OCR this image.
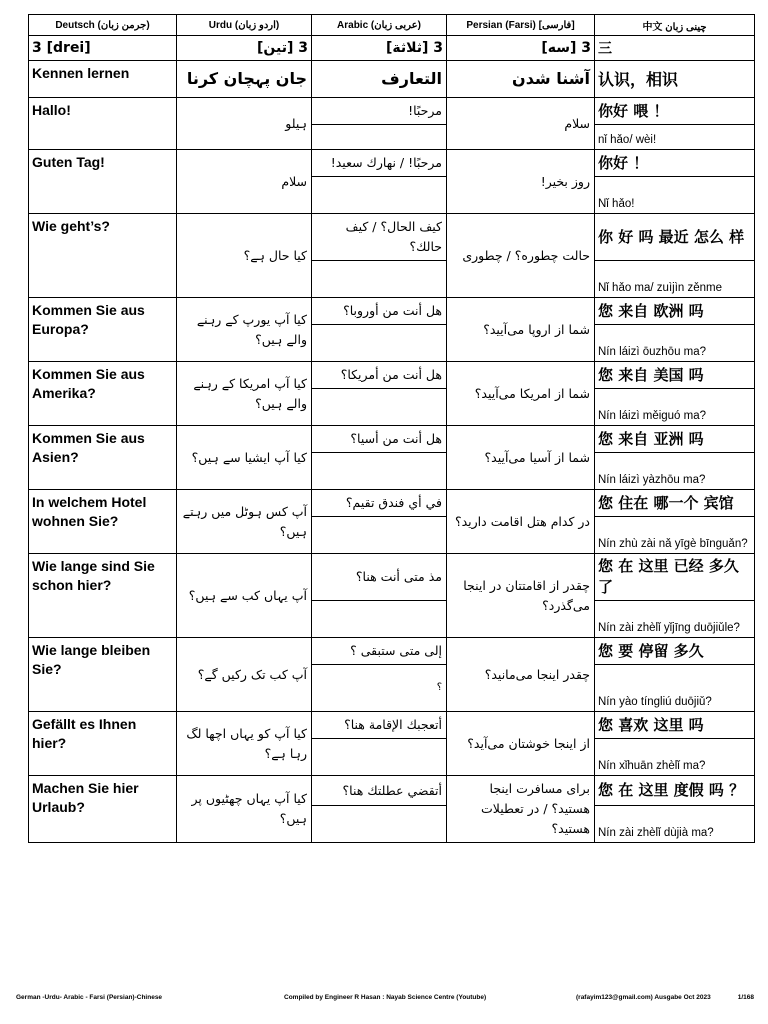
Deutsch (جرمن زبان)	Urdu (اردو زبان)	Arabic (عربی زبان)	Persian (Farsi) [فارسی]	中文 چینی زبان
3 [drei]	3 [تین]	3 [ثلاثة]	3 [سه]	三
Kennen lernen	جان پہچان کرنا	التعارف	آشنا شدن	认识，相识
Hallo!	ہیلو	مرحبًا!	سلام	你好 喂 ！
				nǐ hǎo/ wèi!
Guten Tag!	سلام	مرحبًا! / نهارك سعيد!	روز بخیر!	你好 ！
				Nǐ hǎo!
Wie geht’s?	کیا حال ہے؟	كيف الحال؟ / كيف حالك؟	حالت چطوره؟ / چطوری	你 好 吗 最近 怎么 样
				Nǐ hǎo ma/ zuìjìn zěnme
Kommen Sie aus Europa?	کیا آپ یورپ کے رہنے والے ہیں؟	هل أنت من أوروبا؟	شما از اروپا می‌آیید؟	您 来自 欧洲 吗
				Nín láizì ōuzhōu ma?
Kommen Sie aus Amerika?	کیا آپ امریکا کے رہنے والے ہیں؟	هل أنت من أمريكا؟	شما از امریکا می‌آیید؟	您 来自 美国 吗
				Nín láizì měiguó ma?
Kommen Sie aus Asien?	کیا آپ ایشیا سے ہیں؟	هل أنت من أسيا؟	شما از آسیا می‌آیید؟	您 来自 亚洲 吗
				Nín láizì yàzhōu ma?
In welchem Hotel wohnen Sie?	آپ کس ہوٹل میں رہتے ہیں؟	في أي فندق تقيم؟	در کدام هتل اقامت دارید؟	您 住在 哪一个 宾馆
				Nín zhù zài nǎ yīgè bīnguǎn?
Wie lange sind Sie schon hier?	آپ یہاں کب سے ہیں؟	مذ متى أنت هنا؟	چقدر از اقامتتان در اینجا می‌گذرد؟	您 在 这里 已经 多久 了
				Nín zài zhèlǐ yǐjīng duōjiǔle?
Wie lange bleiben Sie?	آپ کب تک رکیں گے؟	إلى متى ستبقى ؟	چقدر اینجا می‌مانید؟	您 要 停留 多久
		؟		Nín yào tíngliú duōjiǔ?
Gefällt es Ihnen hier?	کیا آپ کو یہاں اچھا لگ رہا ہے؟	أتعجبك الإقامة هنا؟	از اینجا خوشتان می‌آید؟	您 喜欢 这里 吗
				Nín xǐhuān zhèlǐ ma?
Machen Sie hier Urlaub?	کیا آپ یہاں چھٹیوں پر ہیں؟	أتقضي عطلتك هنا؟	برای مسافرت اینجا هستید؟ / در تعطیلات هستید؟	您 在 这里 度假 吗 ？
				Nín zài zhèlǐ dùjià ma?
German -Urdu- Arabic - Farsi (Persian)-Chinese	Compiled by Engineer R Hasan : Nayab Science Centre (Youtube)	(rafayim123@gmail.com) Ausgabe Oct 2023	1/168
